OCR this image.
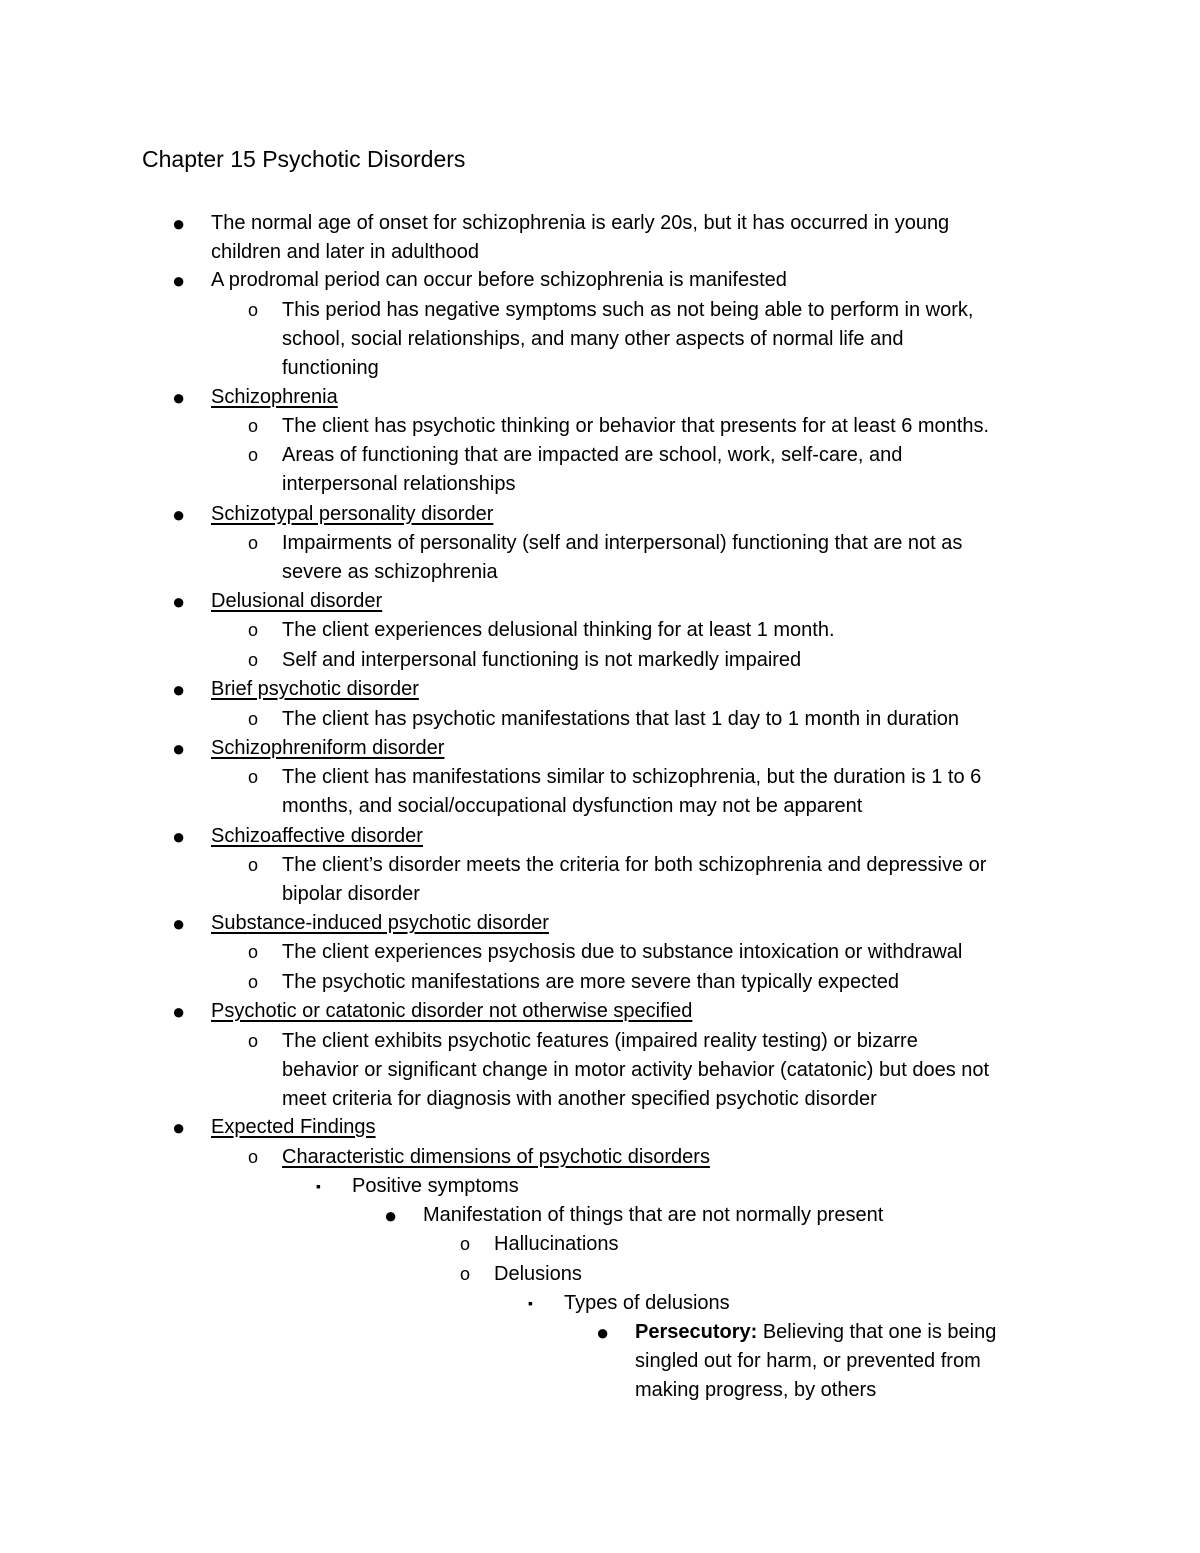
Chapter 15 Psychotic Disorders
● The normal age of onset for schizophrenia is early 20s, but it has occurred in young
children and later in adulthood
● A prodromal period can occur before schizophrenia is manifested
o This period has negative symptoms such as not being able to perform in work,
school, social relationships, and many other aspects of normal life and
functioning
● Schizophrenia
o The client has psychotic thinking or behavior that presents for at least 6 months.
o Areas of functioning that are impacted are school, work, self-care, and
interpersonal relationships
● Schizotypal personality disorder
o Impairments of personality (self and interpersonal) functioning that are not as
severe as schizophrenia
● Delusional disorder
o The client experiences delusional thinking for at least 1 month.
o Self and interpersonal functioning is not markedly impaired
● Brief psychotic disorder
o The client has psychotic manifestations that last 1 day to 1 month in duration
● Schizophreniform disorder
o The client has manifestations similar to schizophrenia, but the duration is 1 to 6
months, and social/occupational dysfunction may not be apparent
● Schizoaffective disorder
o The client’s disorder meets the criteria for both schizophrenia and depressive or
bipolar disorder
● Substance-induced psychotic disorder
o The client experiences psychosis due to substance intoxication or withdrawal
o The psychotic manifestations are more severe than typically expected
● Psychotic or catatonic disorder not otherwise specified
o The client exhibits psychotic features (impaired reality testing) or bizarre
behavior or significant change in motor activity behavior (catatonic) but does not
meet criteria for diagnosis with another specified psychotic disorder
● Expected Findings
o Characteristic dimensions of psychotic disorders
▪ Positive symptoms
● Manifestation of things that are not normally present
o Hallucinations
o Delusions
▪ Types of delusions
● Persecutory: Believing that one is being
singled out for harm, or prevented from
making progress, by others
